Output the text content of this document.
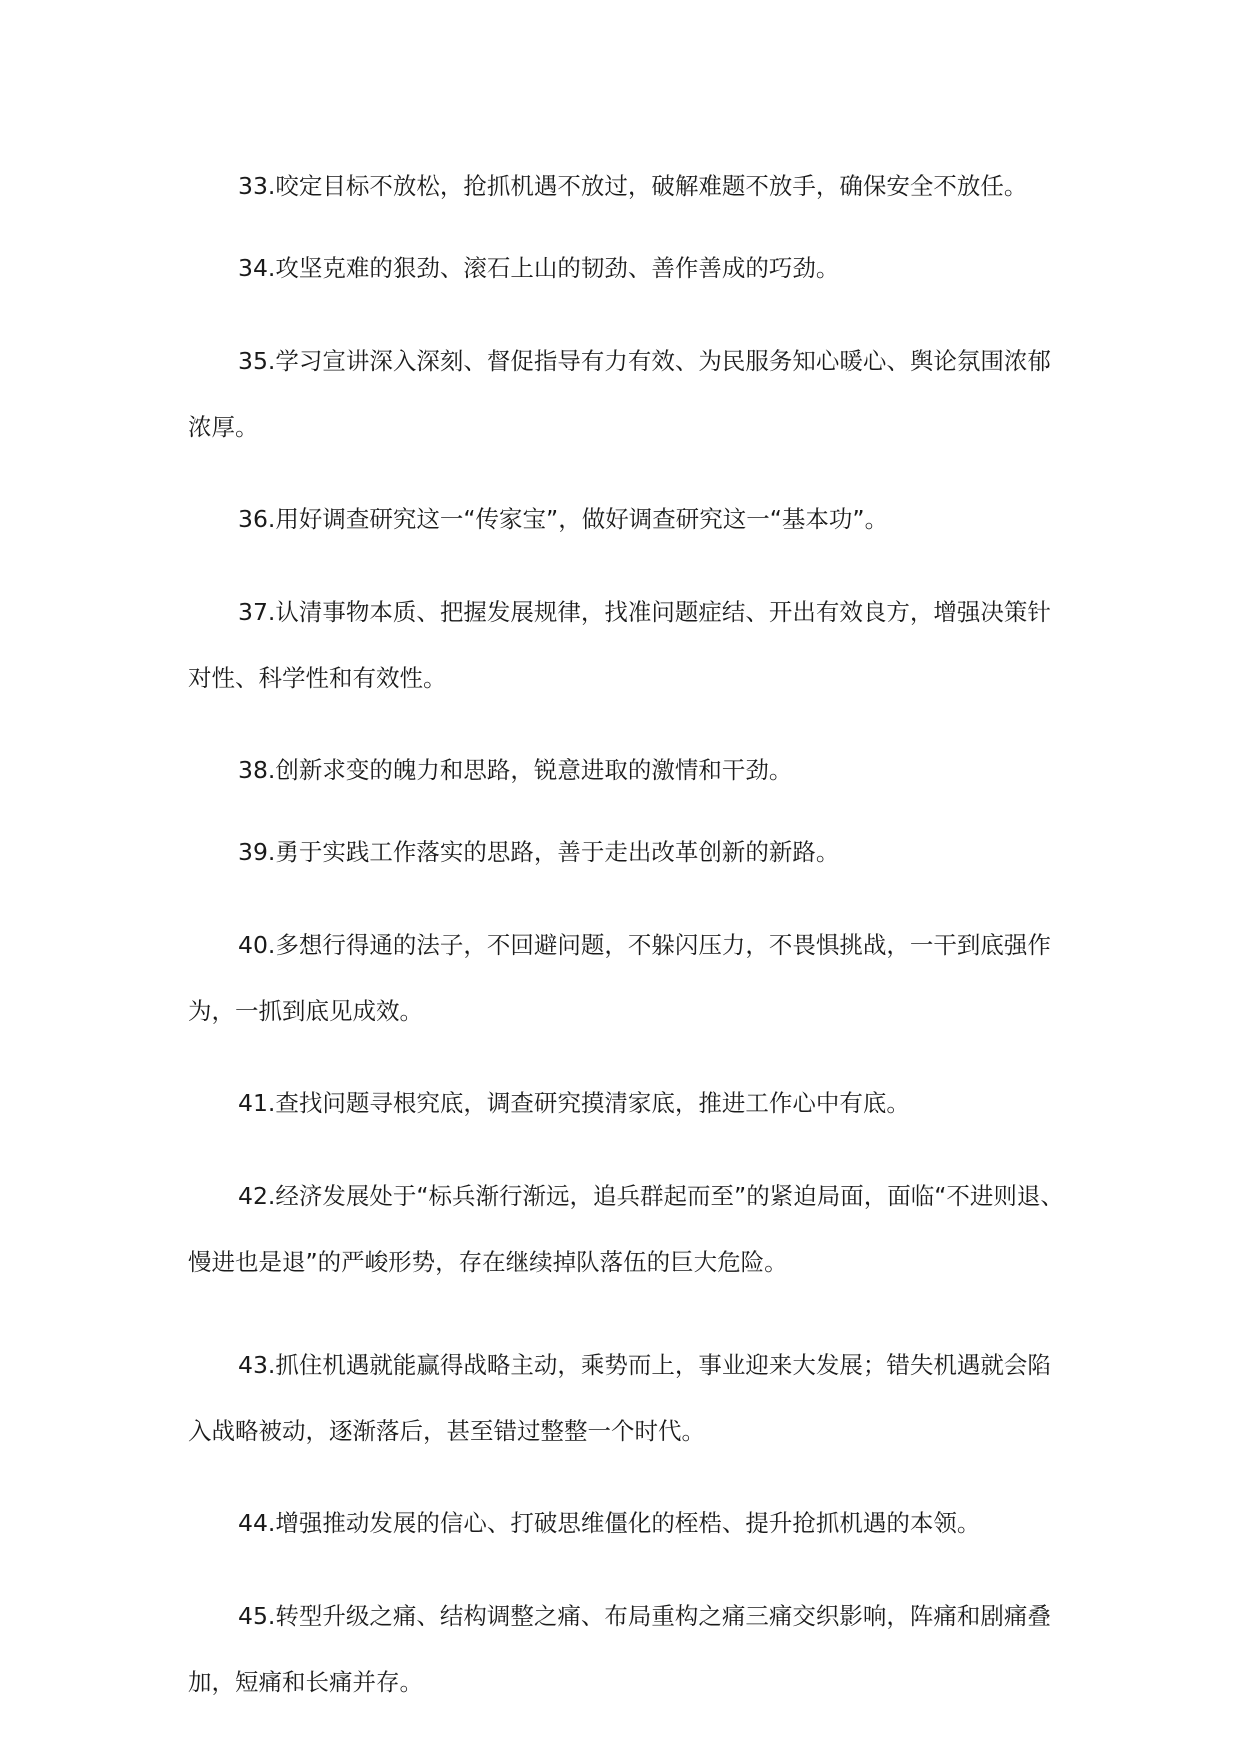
33.咬定目标不放松，抢抓机遇不放过，破解难题不放手，确保安全不放任。

34.攻坚克难的狠劲、滚石上山的韧劲、善作善成的巧劲。

35.学习宣讲深入深刻、督促指导有力有效、为民服务知心暖心、舆论氛围浓郁浓厚。

36.用好调查研究这一“传家宝”，做好调查研究这一“基本功”。

37.认清事物本质、把握发展规律，找准问题症结、开出有效良方，增强决策针对性、科学性和有效性。

38.创新求变的魄力和思路，锐意进取的激情和干劲。

39.勇于实践工作落实的思路，善于走出改革创新的新路。

40.多想行得通的法子，不回避问题，不躲闪压力，不畏惧挑战，一干到底强作为，一抓到底见成效。

41.查找问题寻根究底，调查研究摸清家底，推进工作心中有底。

42.经济发展处于“标兵渐行渐远，追兵群起而至”的紧迫局面，面临“不进则退、慢进也是退”的严峻形势，存在继续掉队落伍的巨大危险。

43.抓住机遇就能赢得战略主动，乘势而上，事业迎来大发展；错失机遇就会陷入战略被动，逐渐落后，甚至错过整整一个时代。

44.增强推动发展的信心、打破思维僵化的桎梏、提升抢抓机遇的本领。

45.转型升级之痛、结构调整之痛、布局重构之痛三痛交织影响，阵痛和剧痛叠加，短痛和长痛并存。
